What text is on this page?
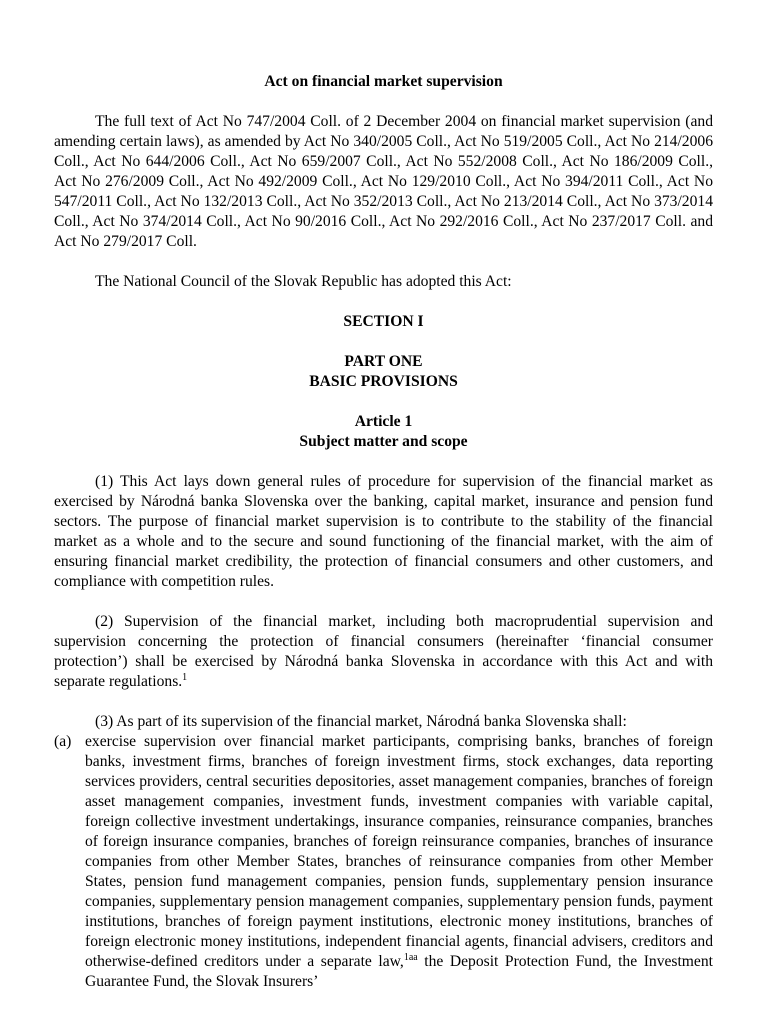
Act on financial market supervision

The full text of Act No 747/2004 Coll. of 2 December 2004 on financial market supervision (and amending certain laws), as amended by Act No 340/2005 Coll., Act No 519/2005 Coll., Act No 214/2006 Coll., Act No 644/2006 Coll., Act No 659/2007 Coll., Act No 552/2008 Coll., Act No 186/2009 Coll., Act No 276/2009 Coll., Act No 492/2009 Coll., Act No 129/2010 Coll., Act No 394/2011 Coll., Act No 547/2011 Coll., Act No 132/2013 Coll., Act No 352/2013 Coll., Act No 213/2014 Coll., Act No 373/2014 Coll., Act No 374/2014 Coll., Act No 90/2016 Coll., Act No 292/2016 Coll., Act No 237/2017 Coll. and Act No 279/2017 Coll.

The National Council of the Slovak Republic has adopted this Act:

SECTION I

PART ONE

BASIC PROVISIONS

Article 1

Subject matter and scope

(1) This Act lays down general rules of procedure for supervision of the financial market as exercised by Národná banka Slovenska over the banking, capital market, insurance and pension fund sectors. The purpose of financial market supervision is to contribute to the stability of the financial market as a whole and to the secure and sound functioning of the financial market, with the aim of ensuring financial market credibility, the protection of financial consumers and other customers, and compliance with competition rules.

(2) Supervision of the financial market, including both macroprudential supervision and supervision concerning the protection of financial consumers (hereinafter ‘financial consumer protection’) shall be exercised by Národná banka Slovenska in accordance with this Act and with separate regulations.$^1$

(3) As part of its supervision of the financial market, Národná banka Slovenska shall:

(a) exercise supervision over financial market participants, comprising banks, branches of foreign banks, investment firms, branches of foreign investment firms, stock exchanges, data reporting services providers, central securities depositories, asset management companies, branches of foreign asset management companies, investment funds, investment companies with variable capital, foreign collective investment undertakings, insurance companies, reinsurance companies, branches of foreign insurance companies, branches of foreign reinsurance companies, branches of insurance companies from other Member States, branches of reinsurance companies from other Member States, pension fund management companies, pension funds, supplementary pension insurance companies, supplementary pension management companies, supplementary pension funds, payment institutions, branches of foreign payment institutions, electronic money institutions, branches of foreign electronic money institutions, independent financial agents, financial advisers, creditors and otherwise-defined creditors under a separate law,$^{1aa}$ the Deposit Protection Fund, the Investment Guarantee Fund, the Slovak Insurers’
